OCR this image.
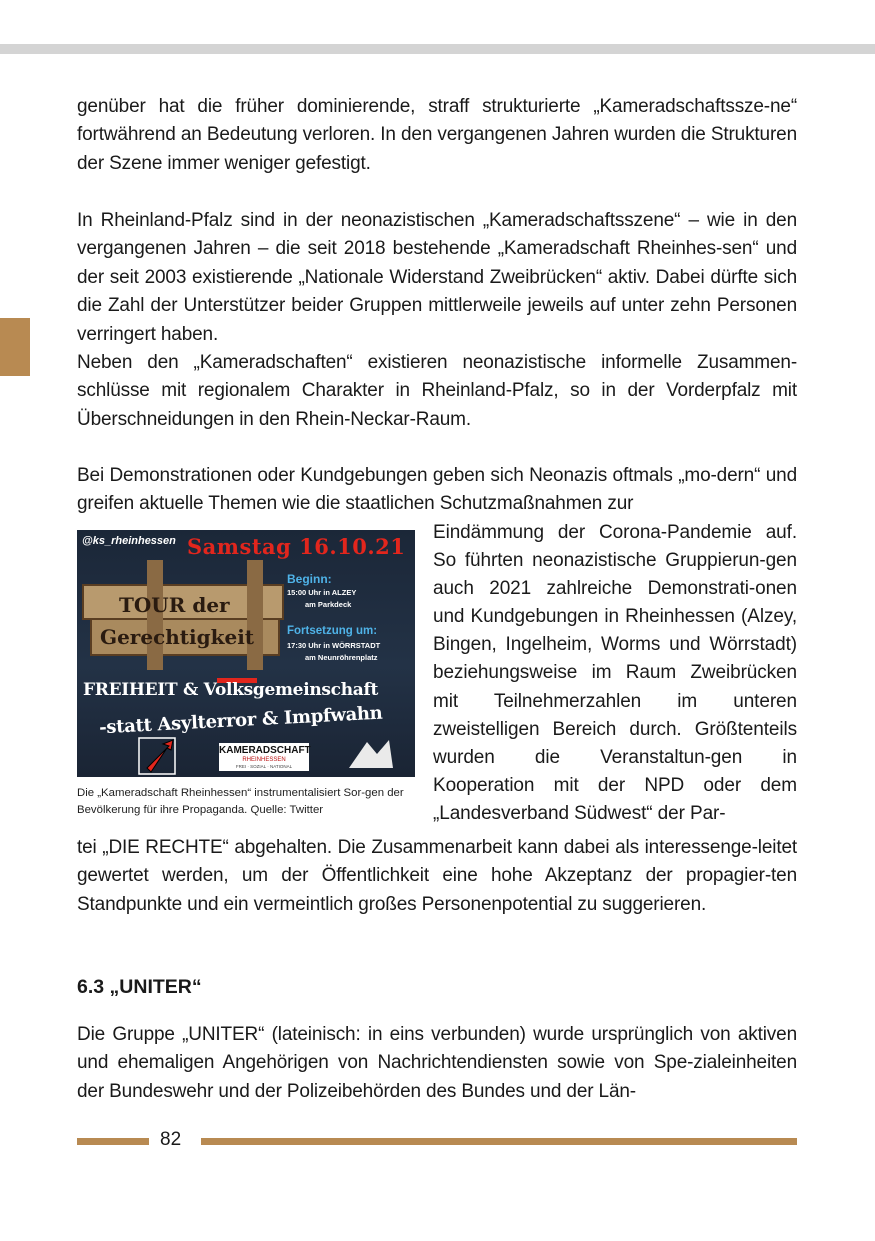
genüber hat die früher dominierende, straff strukturierte „Kameradschaftssze-ne“ fortwährend an Bedeutung verloren. In den vergangenen Jahren wurden die Strukturen der Szene immer weniger gefestigt.

In Rheinland-Pfalz sind in der neonazistischen „Kameradschaftsszene“ – wie in den vergangenen Jahren – die seit 2018 bestehende „Kameradschaft Rheinhes-sen“ und der seit 2003 existierende „Nationale Widerstand Zweibrücken“ aktiv. Dabei dürfte sich die Zahl der Unterstützer beider Gruppen mittlerweile jeweils auf unter zehn Personen verringert haben.

Neben den „Kameradschaften“ existieren neonazistische informelle Zusammen-schlüsse mit regionalem Charakter in Rheinland-Pfalz, so in der Vorderpfalz mit Überschneidungen in den Rhein-Neckar-Raum.

Bei Demonstrationen oder Kundgebungen geben sich Neonazis oftmals „mo-dern“ und greifen aktuelle Themen wie die staatlichen Schutzmaßnahmen zur

Eindämmung der Corona-Pandemie auf. So führten neonazistische Gruppierun-gen auch 2021 zahlreiche Demonstrati-onen und Kundgebungen in Rheinhessen (Alzey, Bingen, Ingelheim, Worms und Wörrstadt) beziehungsweise im Raum Zweibrücken mit Teilnehmerzahlen im unteren zweistelligen Bereich durch. Größtenteils wurden die Veranstaltun-gen in Kooperation mit der NPD oder dem „Landesverband Südwest“ der Par-

tei „DIE RECHTE“ abgehalten. Die Zusammenarbeit kann dabei als interessenge-leitet gewertet werden, um der Öffentlichkeit eine hohe Akzeptanz der propagier-ten Standpunkte und ein vermeintlich großes Personenpotential zu suggerieren.

@ks_rheinhessen Samstag 16.10.21
TOUR der
Gerechtigkeit
Beginn:
15:00 Uhr in ALZEY
am Parkdeck
Fortsetzung um:
17:30 Uhr in WÖRRSTADT
am Neunröhrenplatz
FREIHEIT & Volksgemeinschaft
-statt Asylterror & Impfwahn
KAMERADSCHAFT
RHEINHESSEN
FREI · SOZIAL · NATIONAL

Die „Kameradschaft Rheinhessen“ instrumentalisiert Sor-gen der Bevölkerung für ihre Propaganda. Quelle: Twitter

6.3 „UNITER“

Die Gruppe „UNITER“ (lateinisch: in eins verbunden) wurde ursprünglich von aktiven und ehemaligen Angehörigen von Nachrichtendiensten sowie von Spe-zialeinheiten der Bundeswehr und der Polizeibehörden des Bundes und der Län-

82
